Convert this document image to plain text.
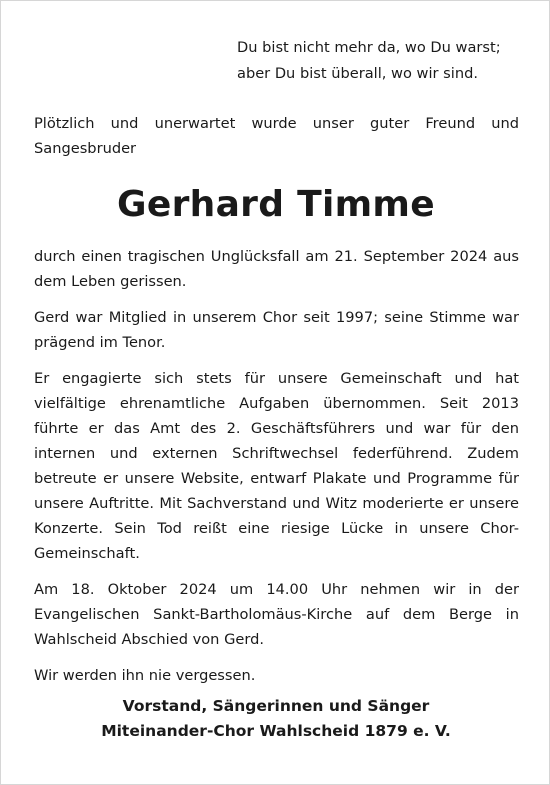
Du bist nicht mehr da, wo Du warst;
aber Du bist überall, wo wir sind.

Plötzlich und unerwartet wurde unser guter Freund und Sangesbruder

Gerhard Timme

durch einen tragischen Unglücksfall am 21. September 2024 aus dem Leben gerissen.

Gerd war Mitglied in unserem Chor seit 1997; seine Stimme war prägend im Tenor.

Er engagierte sich stets für unsere Gemeinschaft und hat vielfältige ehrenamtliche Aufgaben übernommen. Seit 2013 führte er das Amt des 2. Geschäftsführers und war für den internen und externen Schriftwechsel federführend. Zudem betreute er unsere Website, entwarf Plakate und Programme für unsere Auftritte. Mit Sachverstand und Witz moderierte er unsere Konzerte. Sein Tod reißt eine riesige Lücke in unsere Chor-Gemeinschaft.

Am 18. Oktober 2024 um 14.00 Uhr nehmen wir in der Evangelischen Sankt-Bartholomäus-Kirche auf dem Berge in Wahlscheid Abschied von Gerd.

Wir werden ihn nie vergessen.

Vorstand, Sängerinnen und Sänger
Miteinander-Chor Wahlscheid 1879 e. V.
